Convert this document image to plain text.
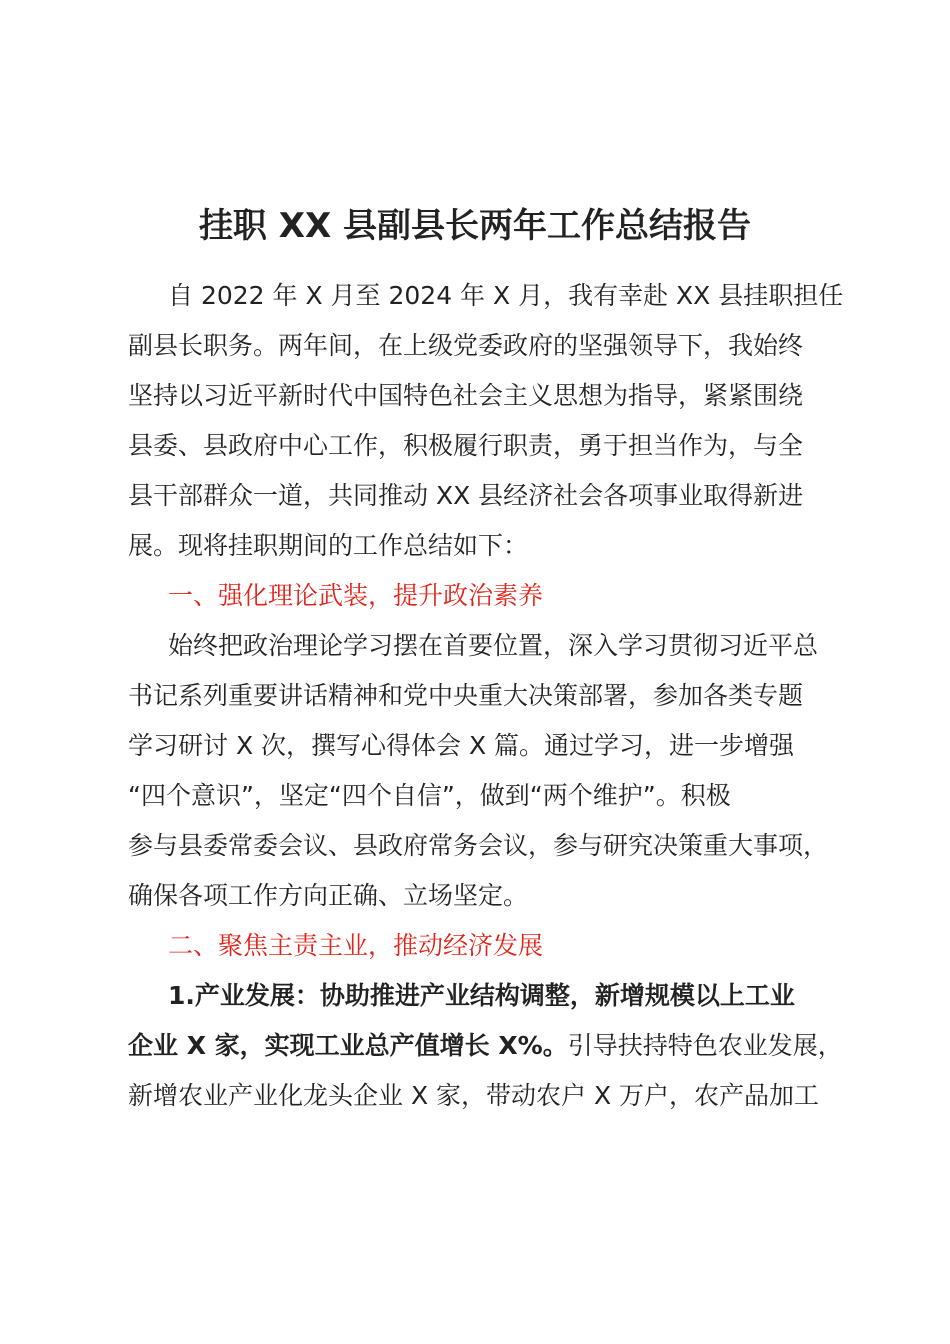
挂职 XX 县副县长两年工作总结报告
自 2022 年 X 月至 2024 年 X 月，我有幸赴 XX 县挂职担任
副县长职务。两年间，在上级党委政府的坚强领导下，我始终
坚持以习近平新时代中国特色社会主义思想为指导，紧紧围绕
县委、县政府中心工作，积极履行职责，勇于担当作为，与全
县干部群众一道，共同推动 XX 县经济社会各项事业取得新进
展。现将挂职期间的工作总结如下：
一、强化理论武装，提升政治素养
始终把政治理论学习摆在首要位置，深入学习贯彻习近平总
书记系列重要讲话精神和党中央重大决策部署，参加各类专题
学习研讨 X 次，撰写心得体会 X 篇。通过学习，进一步增强
“四个意识”，坚定“四个自信”，做到“两个维护”。积极
参与县委常委会议、县政府常务会议，参与研究决策重大事项，
确保各项工作方向正确、立场坚定。
二、聚焦主责主业，推动经济发展
1.产业发展：协助推进产业结构调整，新增规模以上工业
企业 X 家，实现工业总产值增长 X%。引导扶持特色农业发展，
新增农业产业化龙头企业 X 家，带动农户 X 万户，农产品加工
